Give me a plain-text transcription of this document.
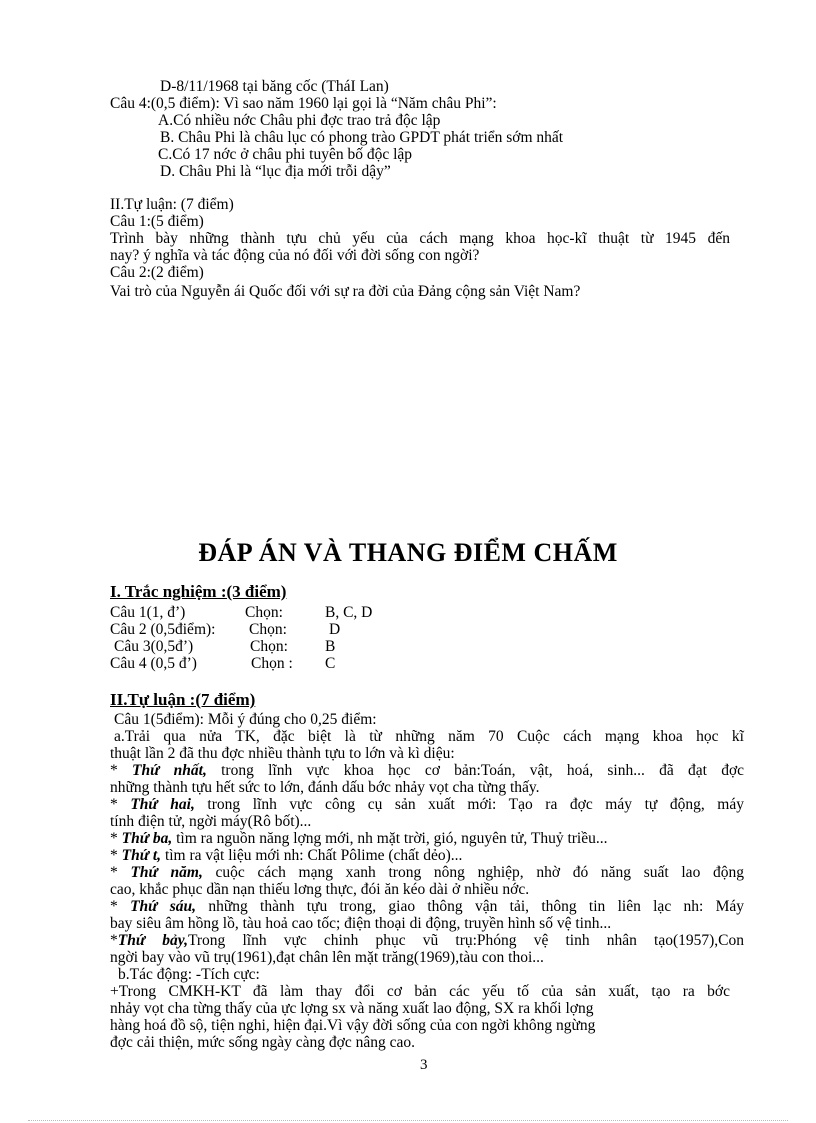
D-8/11/1968 tại băng cốc (TháI Lan)
Câu 4:(0,5 điểm): Vì sao năm 1960 lại gọi là “Năm châu Phi”:
A.Có nhiều nớc Châu phi đợc trao trả độc lập
B. Châu Phi là châu lục có phong trào GPDT phát triển sớm nhất
C.Có 17 nớc ở châu phi tuyên bố độc lập
D. Châu Phi là “lục địa mới trỗi dậy”
II.Tự luận: (7 điểm)
Câu 1:(5 điểm)
Trình bày những thành tựu chủ yếu của cách mạng khoa học-kĩ thuật từ 1945 đến
nay? ý nghĩa và tác động của nó đối với đời sống con ngời?
Câu 2:(2 điểm)
Vai trò của Nguyễn ái Quốc đối với sự ra đời của Đảng cộng sản Việt Nam?
ĐÁP ÁN VÀ THANG ĐIỂM CHẤM
I. Trắc nghiệm :(3 điểm)
Câu 1(1, đ’)	Chọn:	B, C, D
Câu 2 (0,5điểm): Chọn:	D
Câu 3(0,5đ’)	Chọn: B
Câu 4 (0,5 đ’)	Chọn : C
II.Tự luận :(7 điểm)
Câu 1(5điểm): Mỗi ý đúng cho 0,25 điểm:
a.Trải qua nửa TK, đặc biệt là từ những năm 70 Cuộc cách mạng khoa học kĩ
thuật lần 2 đã thu đợc nhiều thành tựu to lớn và kì diệu:
* Thứ nhất, trong lĩnh vực khoa học cơ bản:Toán, vật, hoá, sinh... đã đạt đợc
những thành tựu hết sức to lớn, đánh dấu bớc nhảy vọt cha từng thấy.
* Thứ hai, trong lĩnh vực công cụ sản xuất mới: Tạo ra đợc máy tự động, máy
tính điện tử, ngời máy(Rô bốt)...
* Thứ ba, tìm ra nguồn năng lợng mới, nh mặt trời, gió, nguyên tử, Thuỷ triều...
* Thứ t, tìm ra vật liệu mới nh: Chất Pôlime (chất dẻo)...
* Thứ năm, cuộc cách mạng xanh trong nông nghiệp, nhờ đó năng suất lao động
cao, khắc phục dần nạn thiếu lơng thực, đói ăn kéo dài ở nhiều nớc.
* Thứ sáu, những thành tựu trong, giao thông vận tải, thông tin liên lạc nh: Máy
bay siêu âm hồng lồ, tàu hoả cao tốc; điện thoại di động, truyền hình số vệ tinh...
*Thứ bảy,Trong lĩnh vực chinh phục vũ trụ:Phóng vệ tinh nhân tạo(1957),Con
ngời bay vào vũ trụ(1961),đạt chân lên mặt trăng(1969),tàu con thoi...
b.Tác động: -Tích cực:
+Trong CMKH-KT đã làm thay đổi cơ bản các yếu tố của sản xuất, tạo ra bớc
nhảy vọt cha từng thấy của ực lợng sx và năng xuất lao động, SX ra khối lợng
hàng hoá đồ sộ, tiện nghi, hiện đại.Vì vậy đời sống của con ngời không ngừng
đợc cải thiện, mức sống ngày càng đợc nâng cao.
3
